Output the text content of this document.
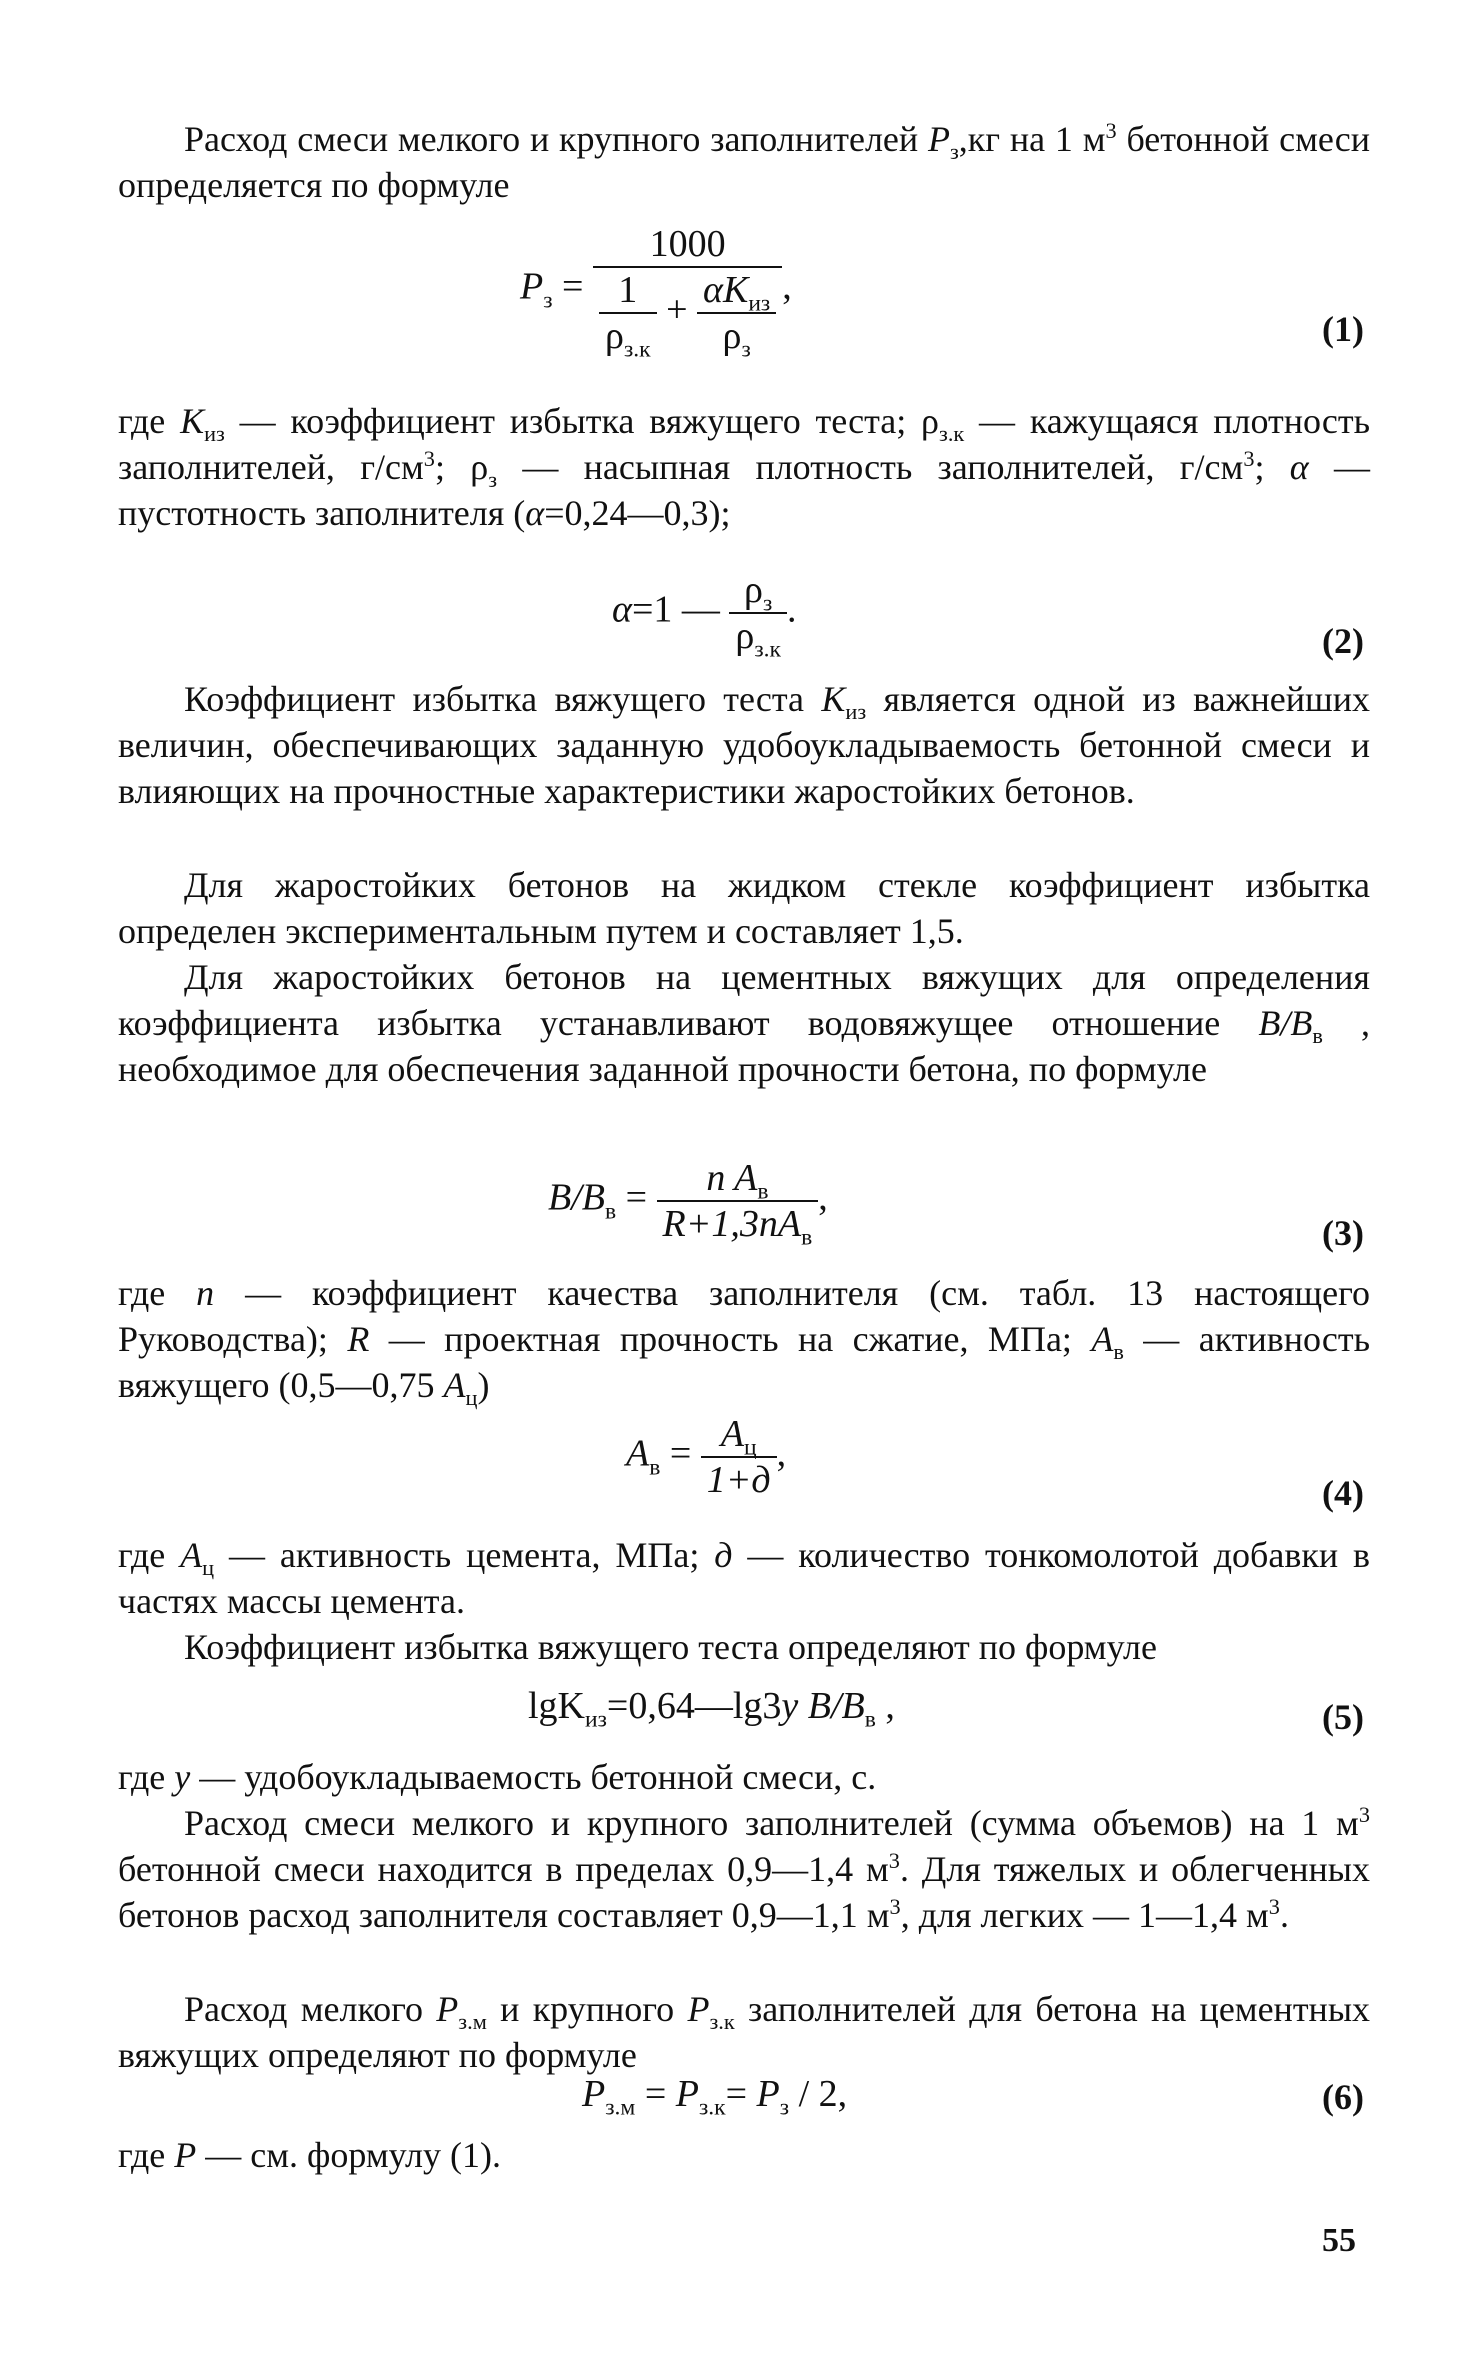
Расход смеси мелкого и крупного заполнителей $P_з,кг$ на 1 $м^3$ бетонной смеси определяется по формуле

$P_з = \frac{1000}{\frac{1}{\rho_{з.к}} + \frac{\alpha K_{из}}{\rho_з}}$ ,
(1)

где $K_{из}$ — коэффициент избытка вяжущего теста; $\rho_{з.к}$ — кажущаяся плотность заполнителей, $г/см^3$; $\rho_з$ — насыпная плотность заполнителей, $г/см^3$; α — пустотность заполнителя (α=0,24—0,3);

α=1 — $\frac{\rho_з}{\rho_{з.к}}$ .
(2)

Коэффициент избытка вяжущего теста $K_{из}$ является одной из важнейших величин, обеспечивающих заданную удобоукладываемость бетонной смеси и влияющих на прочностные характеристики жаростойких бетонов.

Для жаростойких бетонов на жидком стекле коэффициент избытка определен экспериментальным путем и составляет 1,5.

Для жаростойких бетонов на цементных вяжущих для определения коэффициента избытка устанавливают водовяжущее отношение $В/В_в$ , необходимое для обеспечения заданной прочности бетона, по формуле

$B/B_в = \frac{n A_в}{R+1,3nA_в}$ ,
(3)

где n — коэффициент качества заполнителя (см. табл. 13 настоящего Руководства); R — проектная прочность на сжатие, МПа; $A_в$ — активность вяжущего (0,5—0,75 $A_ц$)

$A_в = \frac{A_ц}{1+д}$ ,
(4)

где $A_ц$ — активность цемента, МПа; д — количество тонкомолотой добавки в частях массы цемента.

Коэффициент избытка вяжущего теста определяют по формуле

lgK$_{из}$=0,64—lg3y $B/B_в$ ,	(5)

где y — удобоукладываемость бетонной смеси, с.

Расход смеси мелкого и крупного заполнителей (сумма объемов) на 1 $м^3$ бетонной смеси находится в пределах 0,9—1,4 $м^3$. Для тяжелых и облегченных бетонов расход заполнителя составляет 0,9—1,1 $м^3$, для легких — 1—1,4 $м^3$.

Расход мелкого $P_{з.м}$ и крупного $P_{з.к}$ заполнителей для бетона на цементных вяжущих определяют по формуле

$P_{з.м} = P_{з.к}= P_з / 2$,	(6)

где P — см. формулу (1).

55
